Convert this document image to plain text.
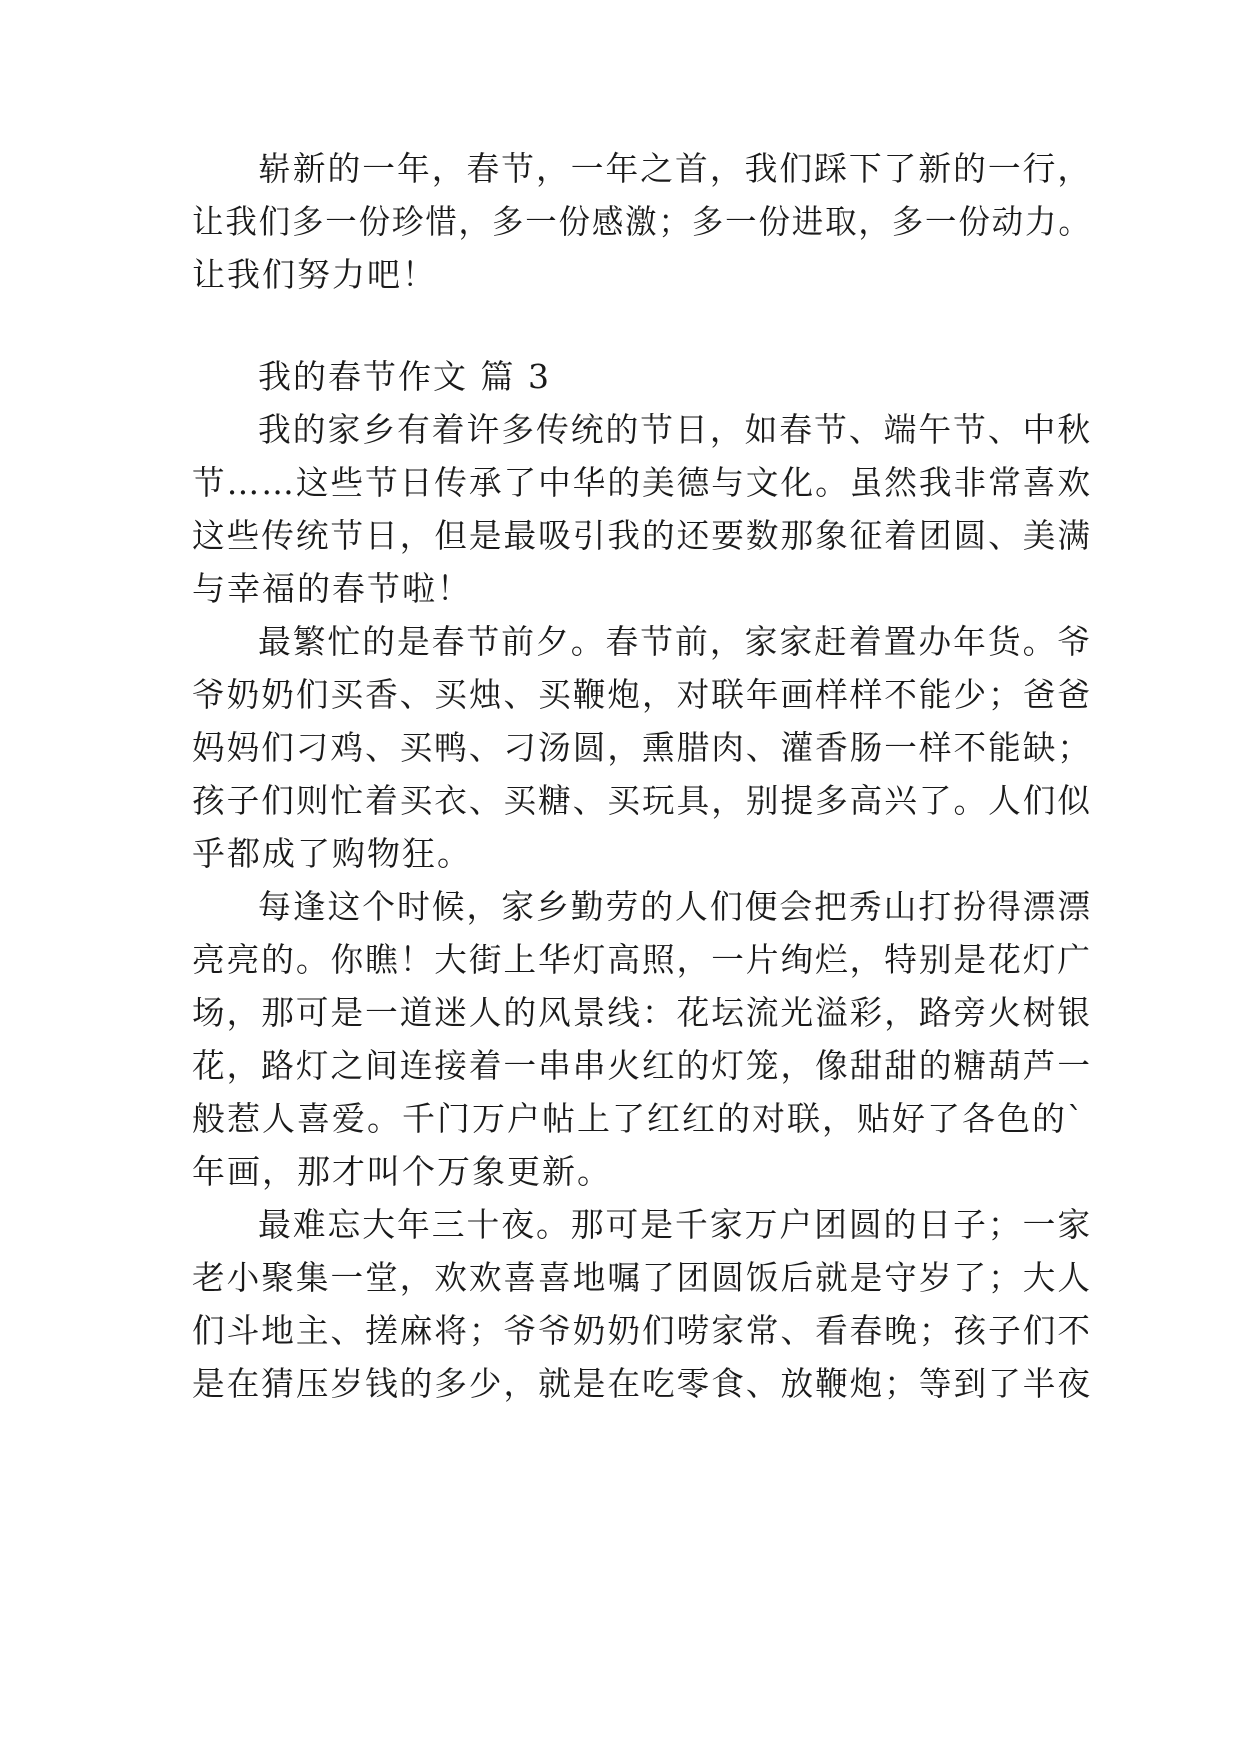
崭新的一年，春节，一年之首，我们踩下了新的一行，
让我们多一份珍惜，多一份感激；多一份进取，多一份动力。
让我们努力吧！
我的春节作文 篇 3
我的家乡有着许多传统的节日，如春节、端午节、中秋
节……这些节日传承了中华的美德与文化。虽然我非常喜欢
这些传统节日，但是最吸引我的还要数那象征着团圆、美满
与幸福的春节啦！
最繁忙的是春节前夕。春节前，家家赶着置办年货。爷
爷奶奶们买香、买烛、买鞭炮，对联年画样样不能少；爸爸
妈妈们刁鸡、买鸭、刁汤圆，熏腊肉、灌香肠一样不能缺；
孩子们则忙着买衣、买糖、买玩具，别提多高兴了。人们似
乎都成了购物狂。
每逢这个时候，家乡勤劳的人们便会把秀山打扮得漂漂
亮亮的。你瞧！大街上华灯高照，一片绚烂，特别是花灯广
场，那可是一道迷人的风景线：花坛流光溢彩，路旁火树银
花，路灯之间连接着一串串火红的灯笼，像甜甜的糖葫芦一
般惹人喜爱。千门万户帖上了红红的对联，贴好了各色的`
年画，那才叫个万象更新。
最难忘大年三十夜。那可是千家万户团圆的日子；一家
老小聚集一堂，欢欢喜喜地嘱了团圆饭后就是守岁了；大人
们斗地主、搓麻将；爷爷奶奶们唠家常、看春晚；孩子们不
是在猜压岁钱的多少，就是在吃零食、放鞭炮；等到了半夜
